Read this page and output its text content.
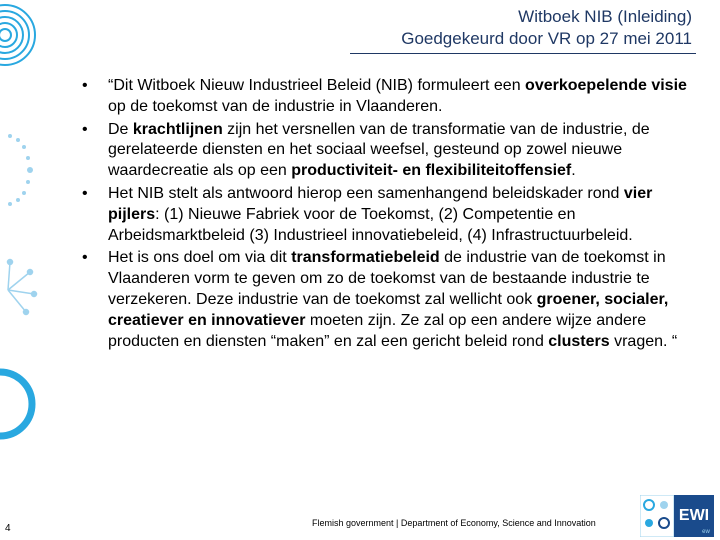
Witboek NIB (Inleiding)
Goedgekeurd door VR op 27 mei 2011
• “Dit Witboek Nieuw Industrieel Beleid (NIB) formuleert een overkoepelende visie op de toekomst van de industrie in Vlaanderen.
• De krachtlijnen zijn het versnellen van de transformatie van de industrie, de gerelateerde diensten en het sociaal weefsel, gesteund op zowel nieuwe waardecreatie als op een productiviteit- en flexibiliteitoffensief.
• Het NIB stelt als antwoord hierop een samenhangend beleidskader rond vier pijlers: (1) Nieuwe Fabriek voor de Toekomst, (2) Competentie en Arbeidsmarktbeleid (3) Industrieel innovatiebeleid, (4) Infrastructuurbeleid.
• Het is ons doel om via dit transformatiebeleid de industrie van de toekomst in Vlaanderen vorm te geven om zo de toekomst van de bestaande industrie te verzekeren. Deze industrie van de toekomst zal wellicht ook groener, socialer, creatiever en innovatiever moeten zijn. Ze zal op een andere wijze andere producten en diensten “maken” en zal een gericht beleid rond clusters vragen. “
4	Flemish government | Department of Economy, Science and Innovation	EWI
ew
